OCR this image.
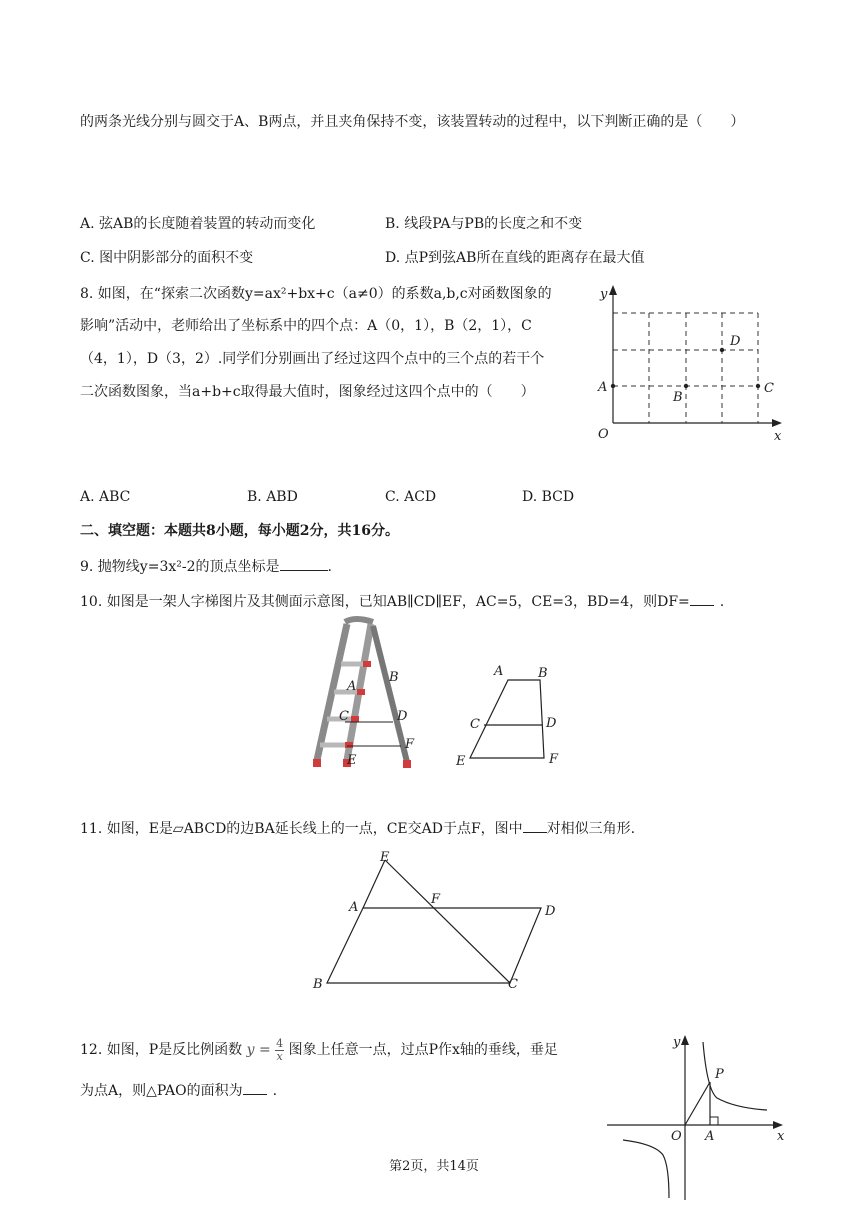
的两条光线分别与圆交于A、B两点，并且夹角保持不变，该装置转动的过程中，以下判断正确的是（　　）
A. 弦AB的长度随着装置的转动而变化	B. 线段PA与PB的长度之和不变
C. 图中阴影部分的面积不变	D. 点P到弦AB所在直线的距离存在最大值
8. 如图，在“探索二次函数y=ax²+bx+c（a≠0）的系数a,b,c对函数图象的
影响”活动中，老师给出了坐标系中的四个点：A（0，1），B（2，1），C
（4，1），D（3，2）.同学们分别画出了经过这四个点中的三个点的若干个
二次函数图象，当a+b+c取得最大值时，图象经过这四个点中的（　　）
y
x
O
A
B
C
D
A. ABC	B. ABD	C. ACD	D. BCD
二、填空题：本题共8小题，每小题2分，共16分。
9. 抛物线y=3x²-2的顶点坐标是	.
10. 如图是一架人字梯图片及其侧面示意图，已知AB∥CD∥EF，AC=5，CE=3，BD=4，则DF= .
B
A
C	D
F
E
A	B
C	D
E	F
11. 如图，E是▱ABCD的边BA延长线上的一点，CE交AD于点F，图中 对相似三角形.
E
A
F
D
B	C
12. 如图，P是反比例函数 $y = \frac{4}{x}$ 图象上任意一点，过点P作x轴的垂线，垂足
为点A，则△PAO的面积为 .
y
x
O
P
A
第2页，共14页
